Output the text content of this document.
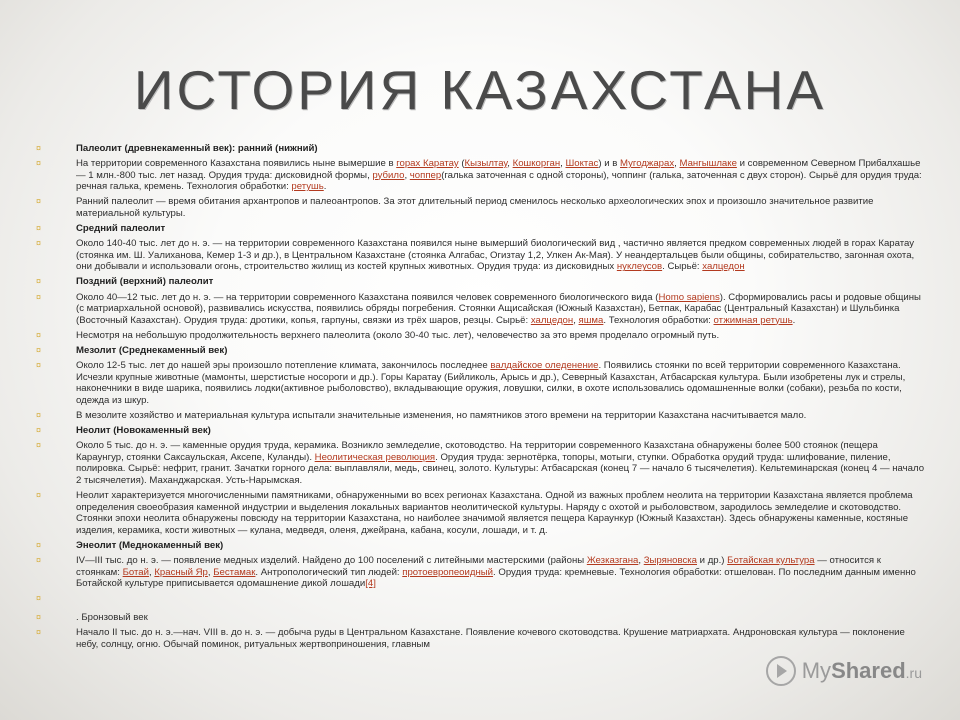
ИСТОРИЯ КАЗАХСТАНА
¤	Палеолит (древнекаменный век): ранний (нижний)
¤	На территории современного Казахстана появились ныне вымершие в горах Каратау (Кызылтау, Кошкорган, Шоктас) и в Мугоджарах, Мангышлаке и современном Северном Прибалхашье — 1 млн.-800 тыс. лет назад. Орудия труда: дисковидной формы, рубило, чоппер(галька заточенная с одной стороны), чоппинг (галька, заточенная с двух сторон). Сырьё для орудия труда: речная галька, кремень. Технология обработки: ретушь.
¤	Ранний палеолит — время обитания архантропов и палеоантропов. За этот длительный период сменилось несколько археологических эпох и произошло значительное развитие материальной культуры.
¤	Средний палеолит
¤	Около 140-40 тыс. лет до н. э. — на территории современного Казахстана появился ныне вымерший биологический вид , частично является предком современных людей в горах Каратау (стоянка им. Ш. Уалиханова, Кемер 1-3 и др.), в Центральном Казахстане (стоянка Алгабас, Огизтау 1,2, Улкен Ак-Мая). У неандертальцев были общины, собирательство, загонная охота, они добывали и использовали огонь, строительство жилищ из костей крупных животных. Орудия труда: из дисковидных нуклеусов. Сырьё: халцедон
¤	Поздний (верхний) палеолит
¤	Около 40—12 тыс. лет до н. э. — на территории современного Казахстана появился человек современного биологического вида (Homo sapiens). Сформировались расы и родовые общины (с матриархальной основой), развивались искусства, появились обряды погребения. Стоянки Ащисайская (Южный Казахстан), Бетпак, Карабас (Центральный Казахстан) и Шульбинка (Восточный Казахстан). Орудия труда: дротики, копья, гарпуны, связки из трёх шаров, резцы. Сырьё: халцедон, яшма. Технология обработки: отжимная ретушь.
¤	Несмотря на небольшую продолжительность верхнего палеолита (около 30-40 тыс. лет), человечество за это время проделало огромный путь.
¤	Мезолит (Среднекаменный век)
¤	Около 12-5 тыс. лет до нашей эры произошло потепление климата, закончилось последнее валдайское оледенение. Появились стоянки по всей территории современного Казахстана. Исчезли крупные животные (мамонты, шерстистые носороги и др.). Горы Каратау (Бийликоль, Арысь и др.), Северный Казахстан, Атбасарская культура. Были изобретены лук и стрелы, наконечники в виде шарика, появились лодки(активное рыболовство), вкладывающие оружия, ловушки, силки, в охоте использовались одомашненные волки (собаки), резьба по кости, одежда из шкур.
¤	В мезолите хозяйство и материальная культура испытали значительные изменения, но памятников этого времени на территории Казахстана насчитывается мало.
¤	Неолит (Новокаменный век)
¤	Около 5 тыс. до н. э. — каменные орудия труда, керамика. Возникло земледелие, скотоводство. На территории современного Казахстана обнаружены более 500 стоянок (пещера Караунгур, стоянки Саксаульская, Аксепе, Куланды). Неолитическая революция. Орудия труда: зернотёрка, топоры, мотыги, ступки. Обработка орудий труда: шлифование, пиление, полировка. Сырьё: нефрит, гранит. Зачатки горного дела: выплавляли, медь, свинец, золото. Культуры: Атбасарская (конец 7 — начало 6 тысячелетия). Кельтеминарская (конец 4 — начало 2 тысячелетия). Маханджарская. Усть-Нарымская.
¤	Неолит характеризуется многочисленными памятниками, обнаруженными во всех регионах Казахстана. Одной из важных проблем неолита на территории Казахстана является проблема определения своеобразия каменной индустрии и выделения локальных вариантов неолитической культуры. Наряду с охотой и рыболовством, зародилось земледелие и скотоводство. Стоянки эпохи неолита обнаружены повсюду на территории Казахстана, но наиболее значимой является пещера Караункур (Южный Казахстан). Здесь обнаружены каменные, костяные изделия, керамика, кости животных — кулана, медведя, оленя, джейрана, кабана, косули, лошади, и т. д.
¤	Энеолит (Меднокаменный век)
¤	IV—III тыс. до н. э. — появление медных изделий. Найдено до 100 поселений с литейными мастерскими (районы Жезказгана, Зыряновска и др.) Ботайская культура — относится к стоянкам: Ботай, Красный Яр, Бестамак. Антропологический тип людей: протоевропеоидный. Орудия труда: кремневые. Технология обработки: отшелован. По последним данным именно Ботайской культуре приписывается одомашнение дикой лошади[4]
¤
¤	. Бронзовый век
¤	Начало II тыс. до н. э.—нач. VIII в. до н. э. — добыча руды в Центральном Казахстане. Появление кочевого скотоводства. Крушение матриархата. Андроновская культура — поклонение небу, солнцу, огню. Обычай поминок, ритуальных жертвоприношения, главным
MyShared.ru
